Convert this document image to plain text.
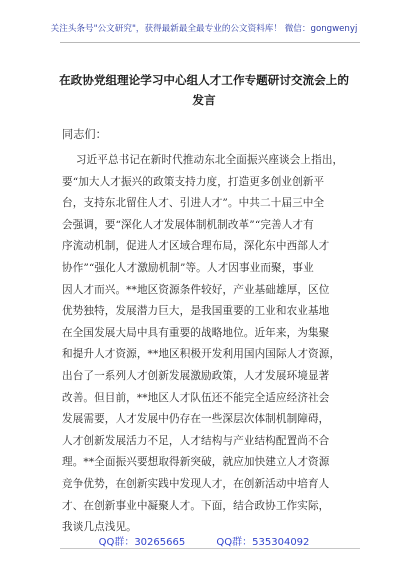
关注头条号"公文研究"，获得最新最全最专业的公文资料库！ 微信：gongwenyj
在政协党组理论学习中心组人才工作专题研讨交流会上的
发言
同志们：
习近平总书记在新时代推动东北全面振兴座谈会上指出，
要“加大人才振兴的政策支持力度，打造更多创业创新平
台，支持东北留住人才、引进人才”。中共二十届三中全
会强调，要“深化人才发展体制机制改革”“完善人才有
序流动机制，促进人才区域合理布局，深化东中西部人才
协作”“强化人才激励机制”等。人才因事业而聚，事业
因人才而兴。**地区资源条件较好，产业基础雄厚，区位
优势独特，发展潜力巨大，是我国重要的工业和农业基地
在全国发展大局中具有重要的战略地位。近年来，为集聚
和提升人才资源，**地区积极开发利用国内国际人才资源，
出台了一系列人才创新发展激励政策，人才发展环境显著
改善。但目前，**地区人才队伍还不能完全适应经济社会
发展需要，人才发展中仍存在一些深层次体制机制障碍，
人才创新发展活力不足，人才结构与产业结构配置尚不合
理。**全面振兴要想取得新突破，就应加快建立人才资源
竞争优势，在创新实践中发现人才，在创新活动中培育人
才、在创新事业中凝聚人才。下面，结合政协工作实际，
我谈几点浅见。
QQ群：30265665	QQ群：535304092
